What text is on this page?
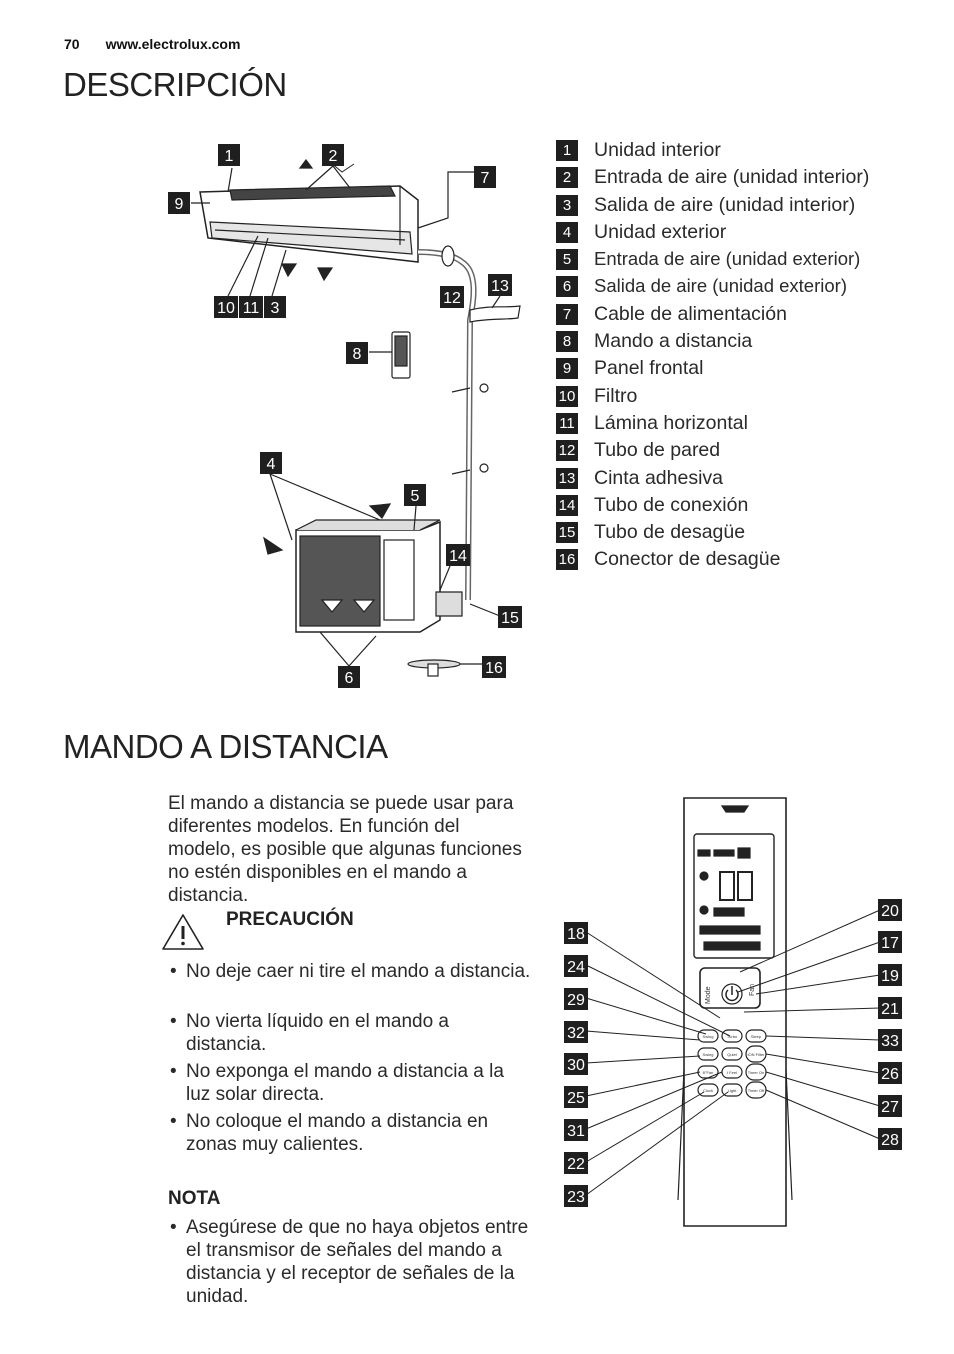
70 www.electrolux.com
DESCRIPCIÓN
1	2
7
9
10 11 3
12
13
8
4
5
14
15
16
6
1	Unidad interior
2	Entrada de aire (unidad interior)
3	Salida de aire (unidad interior)
4	Unidad exterior
5	Entrada de aire (unidad exterior)
6	Salida de aire (unidad exterior)
7	Cable de alimentación
8	Mando a distancia
9	Panel frontal
10 Filtro
11 Lámina horizontal
12 Tubo de pared
13 Cinta adhesiva
14 Tubo de conexión
15 Tubo de desagüe
16 Conector de desagüe
MANDO A DISTANCIA
El mando a distancia se puede usar para diferentes modelos. En función del modelo, es posible que algunas funciones no estén disponibles en el mando a distancia.
PRECAUCIÓN
• No deje caer ni tire el mando a distancia.
• No vierta líquido en el mando a distancia.
• No exponga el mando a distancia a la luz solar directa.
• No coloque el mando a distancia en zonas muy calientes.
NOTA
• Asegúrese de que no haya objetos entre el transmisor de señales del mando a distancia y el receptor de señales de la unidad.
Swing	Turbo	Sleep
Swing	Quiet	ION Filter
8°Fan	I Feel	Timer On
Clock	Light	Timer Off
Mode	Fan
18
24
29
32
30
25
31
22
23
20
17
19
21
33
26
27
28
